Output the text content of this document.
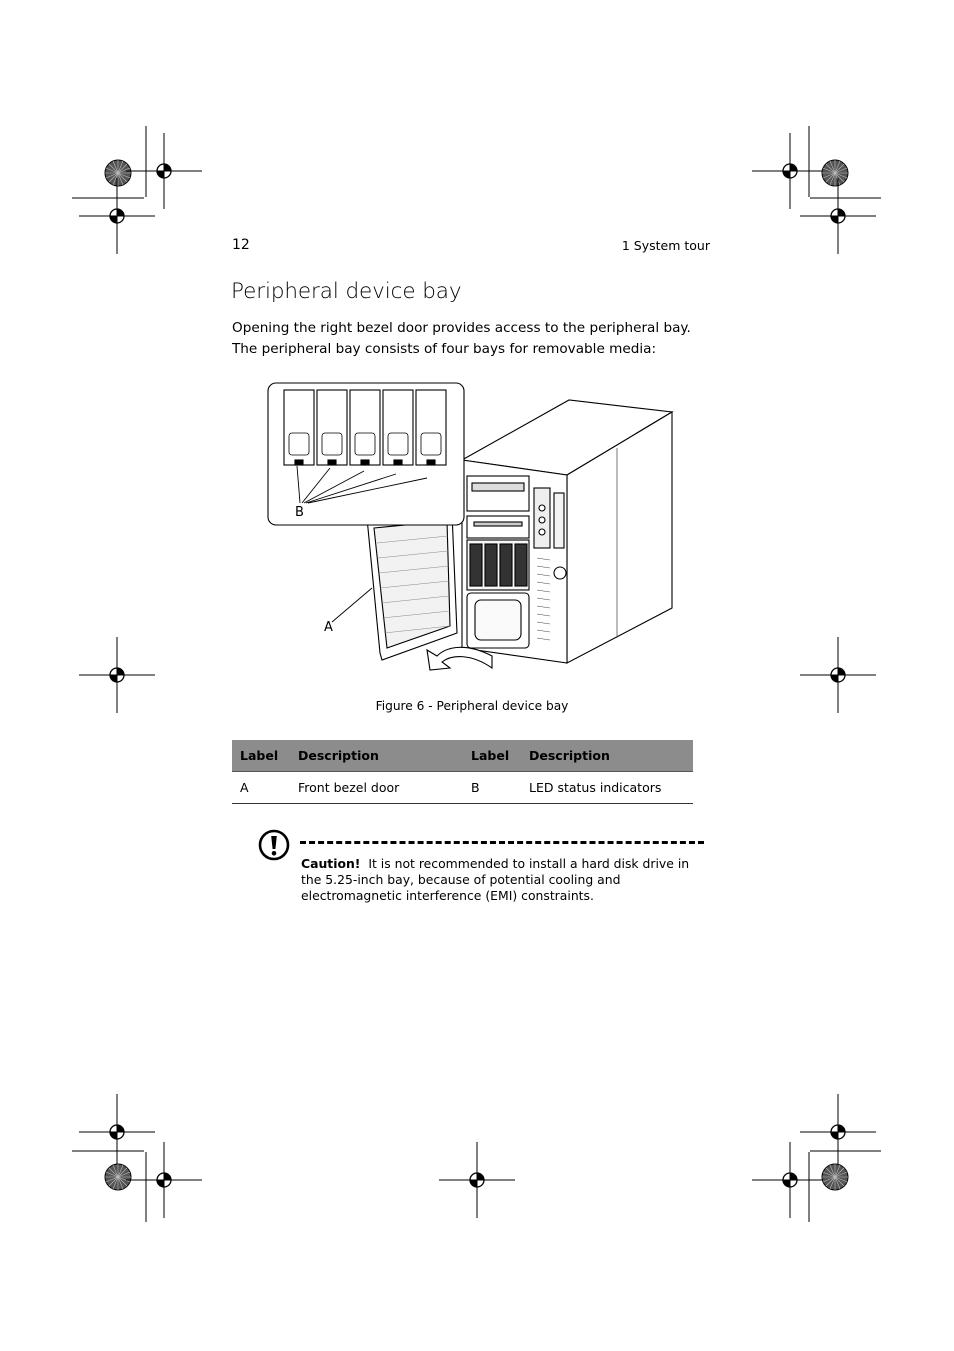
12	1 System tour
Peripheral device bay
Opening the right bezel door provides access to the peripheral bay. The peripheral bay consists of four bays for removable media:
B
A
Figure 6 - Peripheral device bay
Label	Description	Label	Description
A	Front bezel door	B	LED status indicators
Caution! It is not recommended to install a hard disk drive in the 5.25-inch bay, because of potential cooling and electromagnetic interference (EMI) constraints.
